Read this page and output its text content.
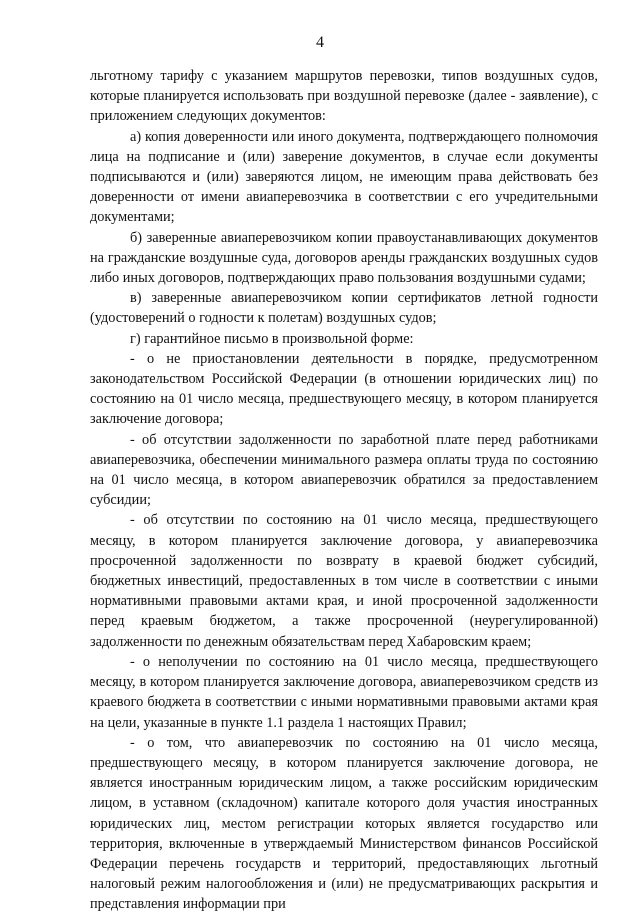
4

льготному тарифу с указанием маршрутов перевозки, типов воздушных судов, которые планируется использовать при воздушной перевозке (далее - заявление), с приложением следующих документов:

а) копия доверенности или иного документа, подтверждающего полномочия лица на подписание и (или) заверение документов, в случае если документы подписываются и (или) заверяются лицом, не имеющим права действовать без доверенности от имени авиаперевозчика в соответствии с его учредительными документами;

б) заверенные авиаперевозчиком копии правоустанавливающих документов на гражданские воздушные суда, договоров аренды гражданских воздушных судов либо иных договоров, подтверждающих право пользования воздушными судами;

в) заверенные авиаперевозчиком копии сертификатов летной годности (удостоверений о годности к полетам) воздушных судов;

г) гарантийное письмо в произвольной форме:

- о не приостановлении деятельности в порядке, предусмотренном законодательством Российской Федерации (в отношении юридических лиц) по состоянию на 01 число месяца, предшествующего месяцу, в котором планируется заключение договора;

- об отсутствии задолженности по заработной плате перед работниками авиаперевозчика, обеспечении минимального размера оплаты труда по состоянию на 01 число месяца, в котором авиаперевозчик обратился за предоставлением субсидии;

- об отсутствии по состоянию на 01 число месяца, предшествующего месяцу, в котором планируется заключение договора, у авиаперевозчика просроченной задолженности по возврату в краевой бюджет субсидий, бюджетных инвестиций, предоставленных в том числе в соответствии с иными нормативными правовыми актами края, и иной просроченной задолженности перед краевым бюджетом, а также просроченной (неурегулированной) задолженности по денежным обязательствам перед Хабаровским краем;

- о неполучении по состоянию на 01 число месяца, предшествующего месяцу, в котором планируется заключение договора, авиаперевозчиком средств из краевого бюджета в соответствии с иными нормативными правовыми актами края на цели, указанные в пункте 1.1 раздела 1 настоящих Правил;

- о том, что авиаперевозчик по состоянию на 01 число месяца, предшествующего месяцу, в котором планируется заключение договора, не является иностранным юридическим лицом, а также российским юридическим лицом, в уставном (складочном) капитале которого доля участия иностранных юридических лиц, местом регистрации которых является государство или территория, включенные в утверждаемый Министерством финансов Российской Федерации перечень государств и территорий, предоставляющих льготный налоговый режим налогообложения и (или) не предусматривающих раскрытия и представления информации при
